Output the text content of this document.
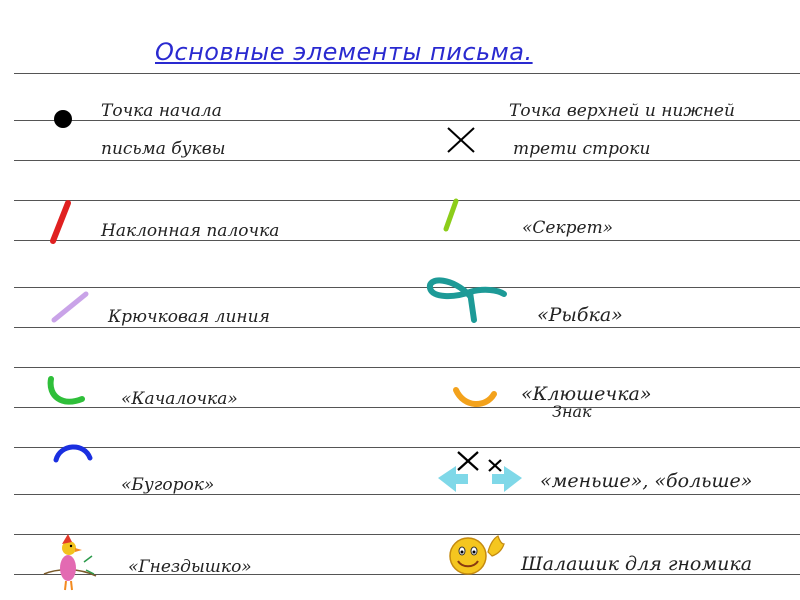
Основные элементы письма.
Точка начала
письма буквы
Точка верхней и нижней
трети строки
Наклонная палочка	«Секрет»
Крючковая линия	«Рыбка»
«Качалочка»	«Клюшечка»
Знак
«Бугорок»	«меньше», «больше»
«Гнездышко»	Шалашик для гномика
